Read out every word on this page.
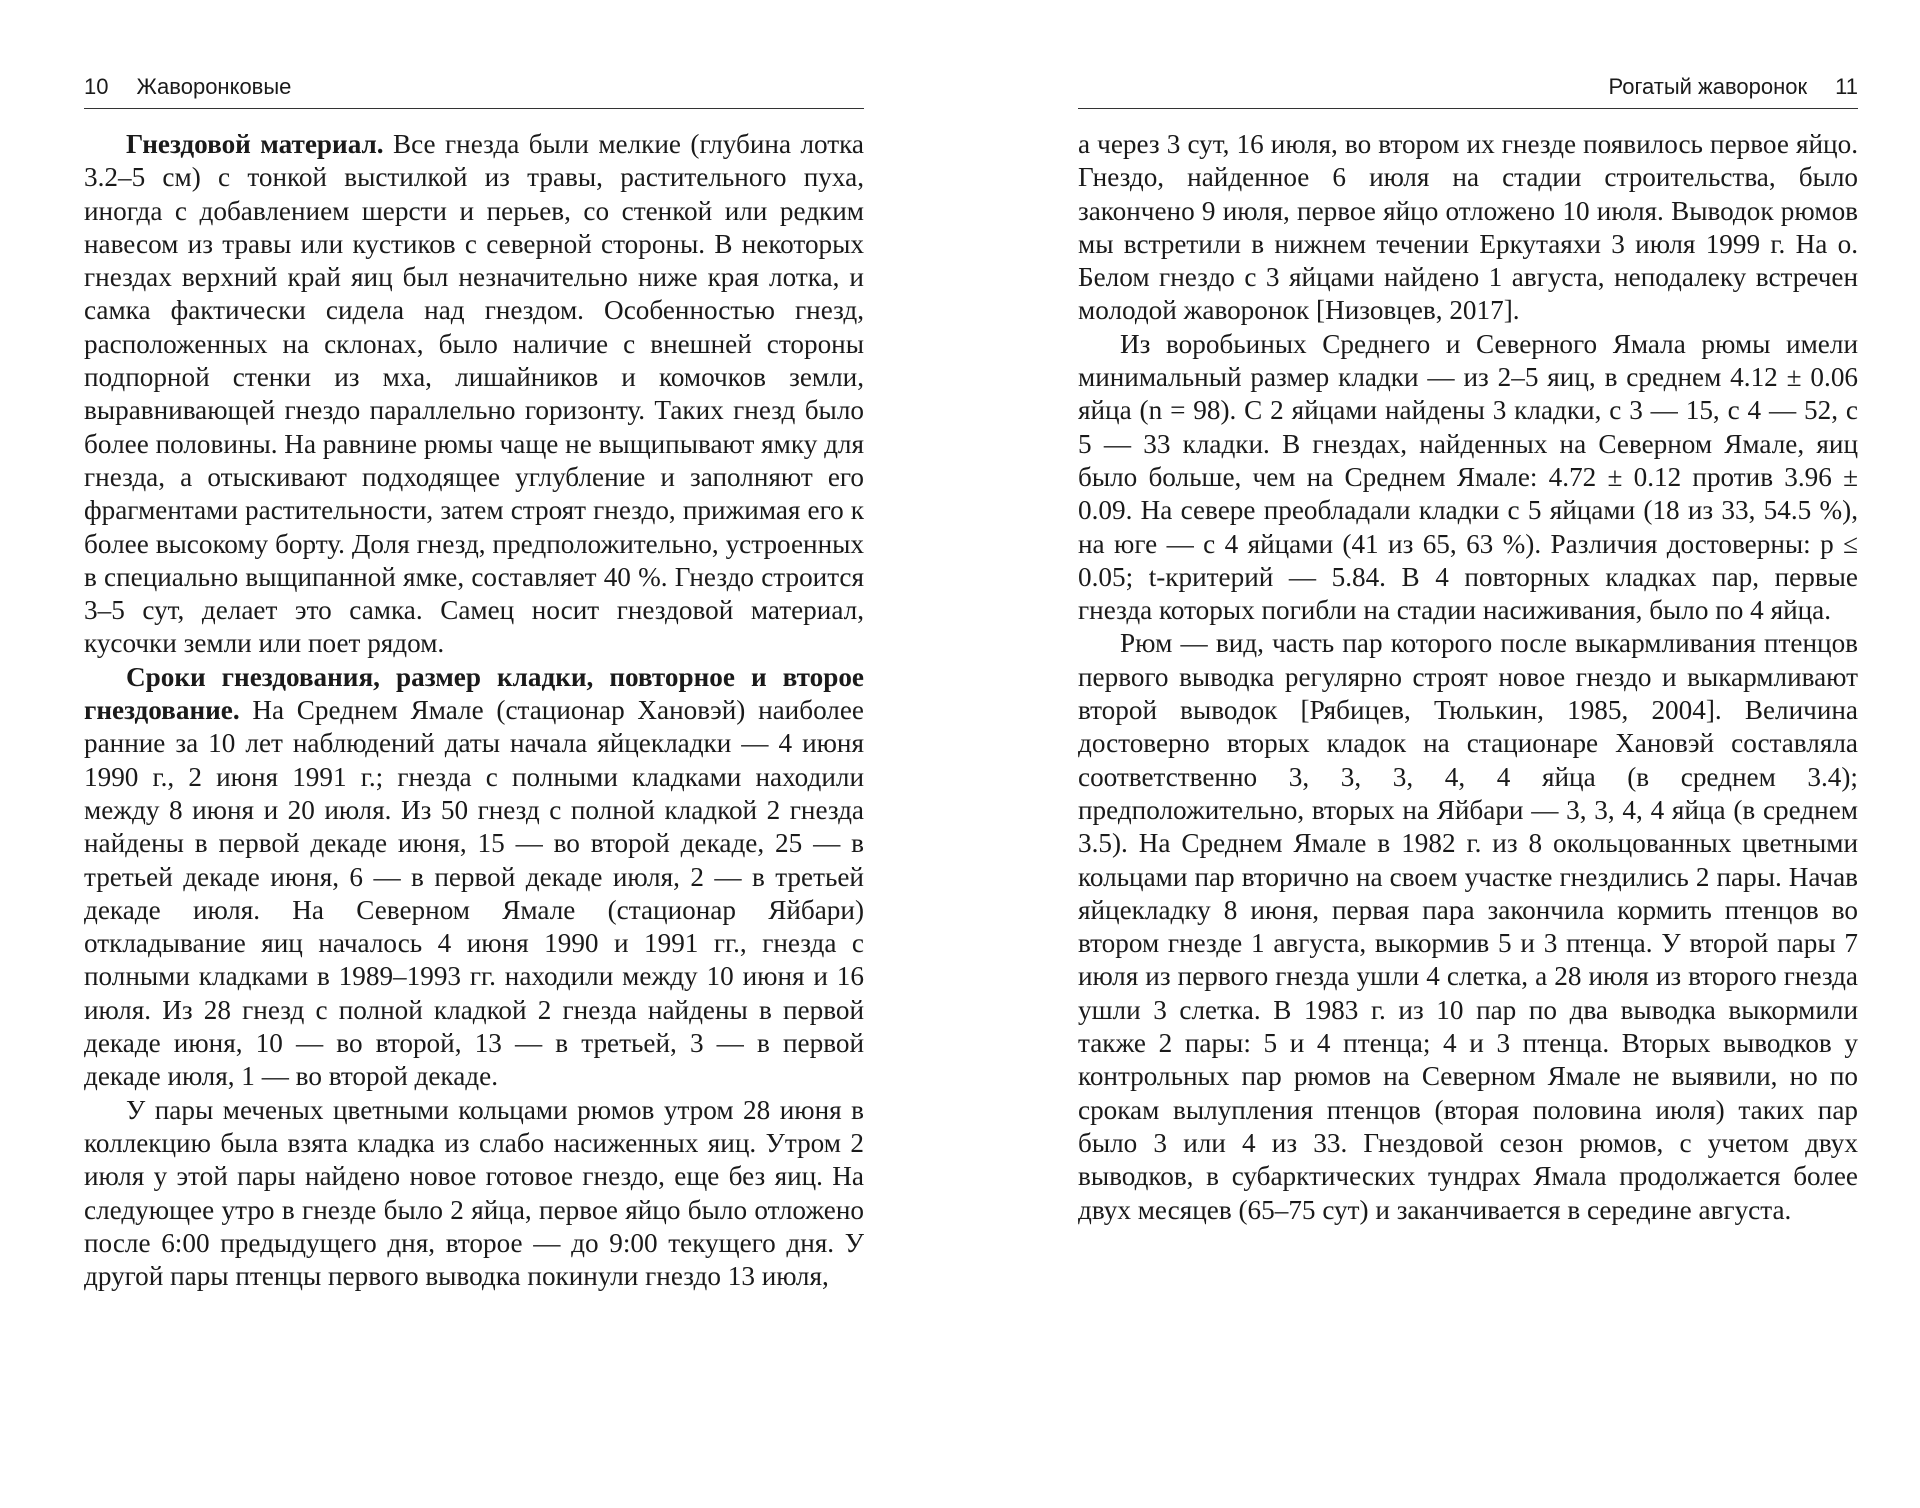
10 Жаворонковые

Гнездовой материал. Все гнезда были мелкие (глубина лотка 3.2–5 см) с тонкой выстилкой из травы, растительного пуха, иногда с добавлением шерсти и перьев, со стенкой или редким навесом из травы или кустиков с северной стороны. В некоторых гнездах верхний край яиц был незначительно ниже края лотка, и самка фактически сидела над гнездом. Особенностью гнезд, расположенных на склонах, было наличие с внешней стороны подпорной стенки из мха, лишайников и комочков земли, выравнивающей гнездо параллельно горизонту. Таких гнезд было более половины. На равнине рюмы чаще не выщипывают ямку для гнезда, а отыскивают подходящее углубление и заполняют его фрагментами растительности, затем строят гнездо, прижимая его к более высокому борту. Доля гнезд, предположительно, устроенных в специально выщипанной ямке, составляет 40 %. Гнездо строится 3–5 сут, делает это самка. Самец носит гнездовой материал, кусочки земли или поет рядом.

Сроки гнездования, размер кладки, повторное и второе гнездование. На Среднем Ямале (стационар Хановэй) наиболее ранние за 10 лет наблюдений даты начала яйцекладки — 4 июня 1990 г., 2 июня 1991 г.; гнезда с полными кладками находили между 8 июня и 20 июля. Из 50 гнезд с полной кладкой 2 гнезда найдены в первой декаде июня, 15 — во второй декаде, 25 — в третьей декаде июня, 6 — в первой декаде июля, 2 — в третьей декаде июля. На Северном Ямале (стационар Яйбари) откладывание яиц началось 4 июня 1990 и 1991 гг., гнезда с полными кладками в 1989–1993 гг. находили между 10 июня и 16 июля. Из 28 гнезд с полной кладкой 2 гнезда найдены в первой декаде июня, 10 — во второй, 13 — в третьей, 3 — в первой декаде июля, 1 — во второй декаде.

У пары меченых цветными кольцами рюмов утром 28 июня в коллекцию была взята кладка из слабо насиженных яиц. Утром 2 июля у этой пары найдено новое готовое гнездо, еще без яиц. На следующее утро в гнезде было 2 яйца, первое яйцо было отложено после 6:00 предыдущего дня, второе — до 9:00 текущего дня. У другой пары птенцы первого выводка покинули гнездо 13 июля,

Рогатый жаворонок 11

а через 3 сут, 16 июля, во втором их гнезде появилось первое яйцо. Гнездо, найденное 6 июля на стадии строительства, было закончено 9 июля, первое яйцо отложено 10 июля. Выводок рюмов мы встретили в нижнем течении Еркутаяхи 3 июля 1999 г. На о. Белом гнездо с 3 яйцами найдено 1 августа, неподалеку встречен молодой жаворонок [Низовцев, 2017].

Из воробьиных Среднего и Северного Ямала рюмы имели минимальный размер кладки — из 2–5 яиц, в среднем 4.12 ± 0.06 яйца (n = 98). С 2 яйцами найдены 3 кладки, с 3 — 15, с 4 — 52, с 5 — 33 кладки. В гнездах, найденных на Северном Ямале, яиц было больше, чем на Среднем Ямале: 4.72 ± 0.12 против 3.96 ± 0.09. На севере преобладали кладки с 5 яйцами (18 из 33, 54.5 %), на юге — с 4 яйцами (41 из 65, 63 %). Различия достоверны: p ≤ 0.05; t-критерий — 5.84. В 4 повторных кладках пар, первые гнезда которых погибли на стадии насиживания, было по 4 яйца.

Рюм — вид, часть пар которого после выкармливания птенцов первого выводка регулярно строят новое гнездо и выкармливают второй выводок [Рябицев, Тюлькин, 1985, 2004]. Величина достоверно вторых кладок на стационаре Хановэй составляла соответственно 3, 3, 3, 4, 4 яйца (в среднем 3.4); предположительно, вторых на Яйбари — 3, 3, 4, 4 яйца (в среднем 3.5). На Среднем Ямале в 1982 г. из 8 окольцованных цветными кольцами пар вторично на своем участке гнездились 2 пары. Начав яйцекладку 8 июня, первая пара закончила кормить птенцов во втором гнезде 1 августа, выкормив 5 и 3 птенца. У второй пары 7 июля из первого гнезда ушли 4 слетка, а 28 июля из второго гнезда ушли 3 слетка. В 1983 г. из 10 пар по два выводка выкормили также 2 пары: 5 и 4 птенца; 4 и 3 птенца. Вторых выводков у контрольных пар рюмов на Северном Ямале не выявили, но по срокам вылупления птенцов (вторая половина июля) таких пар было 3 или 4 из 33. Гнездовой сезон рюмов, с учетом двух выводков, в субарктических тундрах Ямала продолжается более двух месяцев (65–75 сут) и заканчивается в середине августа.
